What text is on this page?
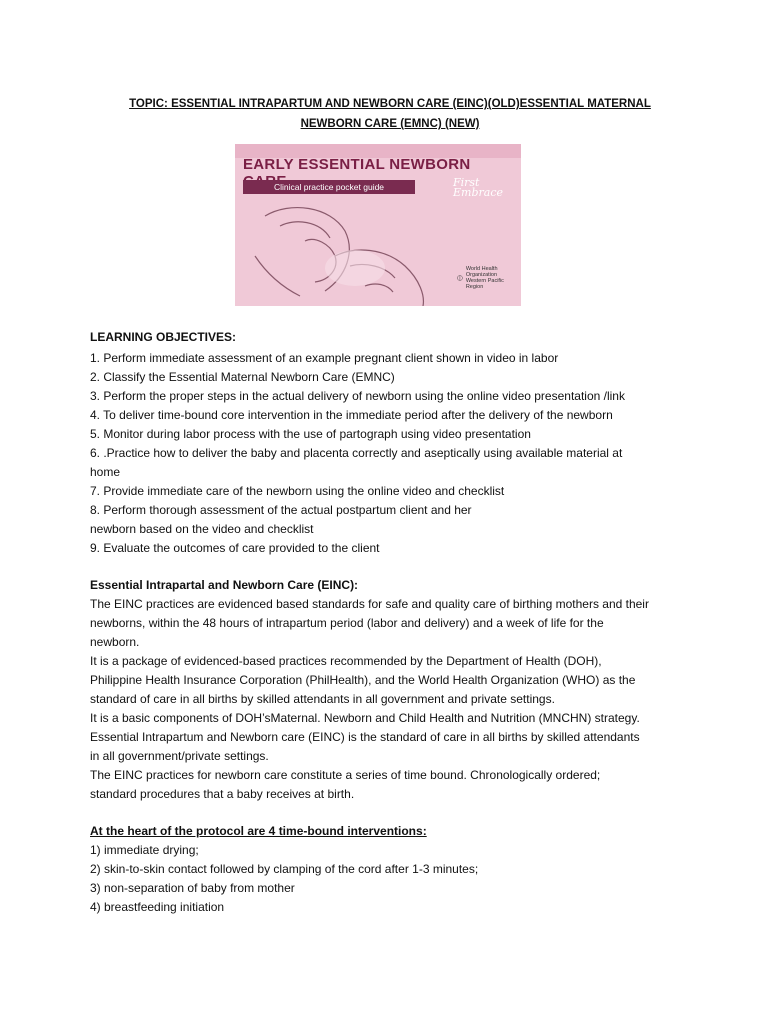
TOPIC: ESSENTIAL INTRAPARTUM AND NEWBORN CARE (EINC)(OLD)ESSENTIAL MATERNAL

NEWBORN CARE (EMNC) (NEW)

EARLY ESSENTIAL NEWBORN
Clinical practice pocket guide	First Embrace
World Health Organization Western Pacific Region
LEARNING OBJECTIVES:
1. Perform immediate assessment of an example pregnant client shown in video in labor
2. Classify the Essential Maternal Newborn Care (EMNC)
3. Perform the proper steps in the actual delivery of newborn using the online video presentation /link
4. To deliver time-bound core intervention in the immediate period after the delivery of the newborn
5. Monitor during labor process with the use of partograph using video presentation
6. .Practice how to deliver the baby and placenta correctly and aseptically using available material at
home
7. Provide immediate care of the newborn using the online video and checklist
8. Perform thorough assessment of the actual postpartum client and her
newborn based on the video and checklist
9. Evaluate the outcomes of care provided to the client
Essential Intrapartal and Newborn Care (EINC):

The EINC practices are evidenced based standards for safe and quality care of birthing mothers and their

newborns, within the 48 hours of intrapartum period (labor and delivery) and a week of life for the

newborn.

It is a package of evidenced-based practices recommended by the Department of Health (DOH),

Philippine Health Insurance Corporation (PhilHealth), and the World Health Organization (WHO) as the

standard of care in all births by skilled attendants in all government and private settings.

It is a basic components of DOH’sMaternal. Newborn and Child Health and Nutrition (MNCHN) strategy.

Essential Intrapartum and Newborn care (EINC) is the standard of care in all births by skilled attendants

in all government/private settings.

The EINC practices for newborn care constitute a series of time bound. Chronologically ordered;

standard procedures that a baby receives at birth.

At the heart of the protocol are 4 time-bound interventions:
1) immediate drying;
2) skin-to-skin contact followed by clamping of the cord after 1-3 minutes;
3) non-separation of baby from mother
4) breastfeeding initiation
